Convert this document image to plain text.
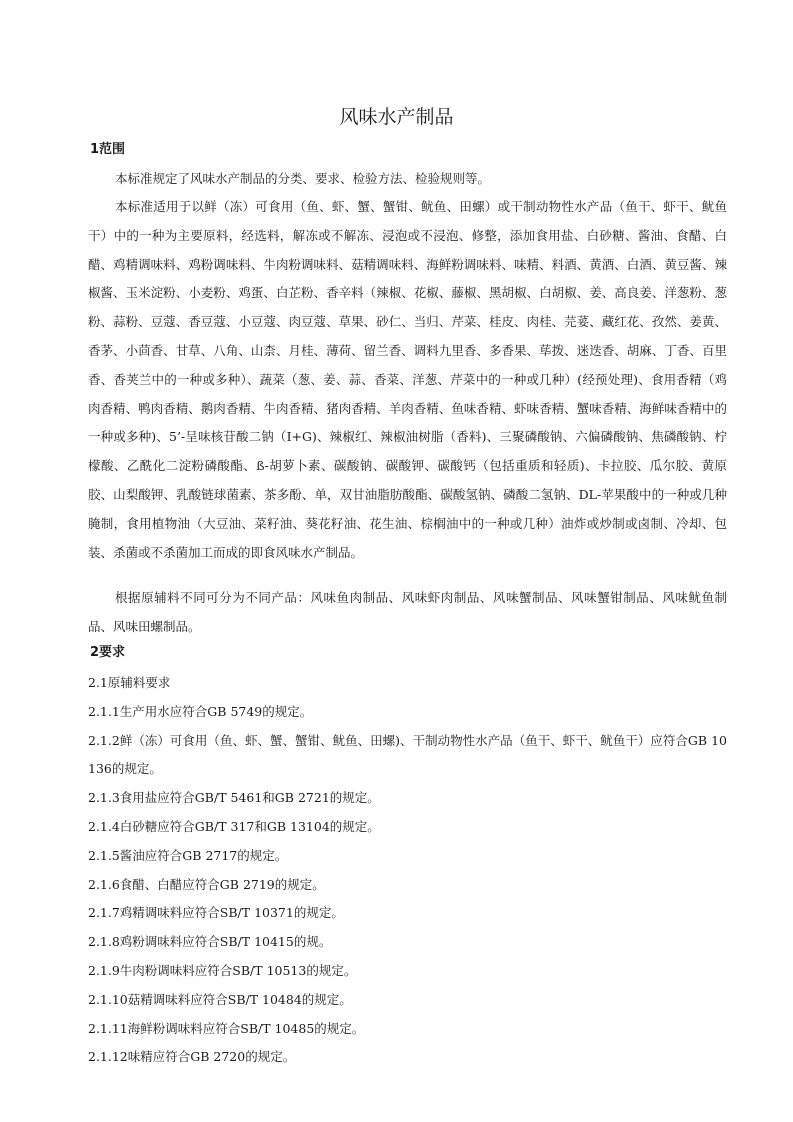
风味水产制品
1范围
本标准规定了风味水产制品的分类、要求、检验方法、检验规则等。
本标准适用于以鲜（冻）可食用（鱼、虾、蟹、蟹钳、鱿鱼、田螺）或干制动物性水产品（鱼干、虾干、鱿鱼干）中的一种为主要原料，经选料，解冻或不解冻、浸泡或不浸泡、修整，添加食用盐、白砂糖、酱油、食醋、白醋、鸡精调味料、鸡粉调味料、牛肉粉调味料、菇精调味料、海鲜粉调味料、味精、料酒、黄酒、白酒、黄豆酱、辣椒酱、玉米淀粉、小麦粉、鸡蛋、白芷粉、香辛料（辣椒、花椒、藤椒、黑胡椒、白胡椒、姜、高良姜、洋葱粉、葱粉、蒜粉、豆蔻、香豆蔻、小豆蔻、肉豆蔻、草果、砂仁、当归、芹菜、桂皮、肉桂、芫荽、藏红花、孜然、姜黄、香茅、小茴香、甘草、八角、山柰、月桂、薄荷、留兰香、调料九里香、多香果、荜拨、迷迭香、胡麻、丁香、百里香、香荚兰中的一种或多种）、蔬菜（葱、姜、蒜、香菜、洋葱、芹菜中的一种或几种）(经预处理)、食用香精（鸡肉香精、鸭肉香精、鹅肉香精、牛肉香精、猪肉香精、羊肉香精、鱼味香精、虾味香精、蟹味香精、海鲜味香精中的一种或多种)、5’-呈味核苷酸二钠（I+G)、辣椒红、辣椒油树脂（香料)、三聚磷酸钠、六偏磷酸钠、焦磷酸钠、柠檬酸、乙酰化二淀粉磷酸酯、ß-胡萝卜素、碳酸钠、碳酸钾、碳酸钙（包括重质和轻质)、卡拉胶、瓜尔胶、黄原胶、山梨酸钾、乳酸链球菌素、茶多酚、单，双甘油脂肪酸酯、碳酸氢钠、磷酸二氢钠、DL-苹果酸中的一种或几种腌制，食用植物油（大豆油、菜籽油、葵花籽油、花生油、棕榈油中的一种或几种）油炸或炒制或卤制、冷却、包装、杀菌或不杀菌加工而成的即食风味水产制品。
根据原辅料不同可分为不同产品：风味鱼肉制品、风味虾肉制品、风味蟹制品、风味蟹钳制品、风味鱿鱼制品、风味田螺制品。
2要求
2.1原辅料要求
2.1.1生产用水应符合GB 5749的规定。
2.1.2鲜（冻）可食用（鱼、虾、蟹、蟹钳、鱿鱼、田螺)、干制动物性水产品（鱼干、虾干、鱿鱼干）应符合GB 10136的规定。
2.1.3食用盐应符合GB/T 5461和GB 2721的规定。
2.1.4白砂糖应符合GB/T 317和GB 13104的规定。
2.1.5酱油应符合GB 2717的规定。
2.1.6食醋、白醋应符合GB 2719的规定。
2.1.7鸡精调味料应符合SB/T 10371的规定。
2.1.8鸡粉调味料应符合SB/T 10415的规。
2.1.9牛肉粉调味料应符合SB/T 10513的规定。
2.1.10菇精调味料应符合SB/T 10484的规定。
2.1.11海鲜粉调味料应符合SB/T 10485的规定。
2.1.12味精应符合GB 2720的规定。
